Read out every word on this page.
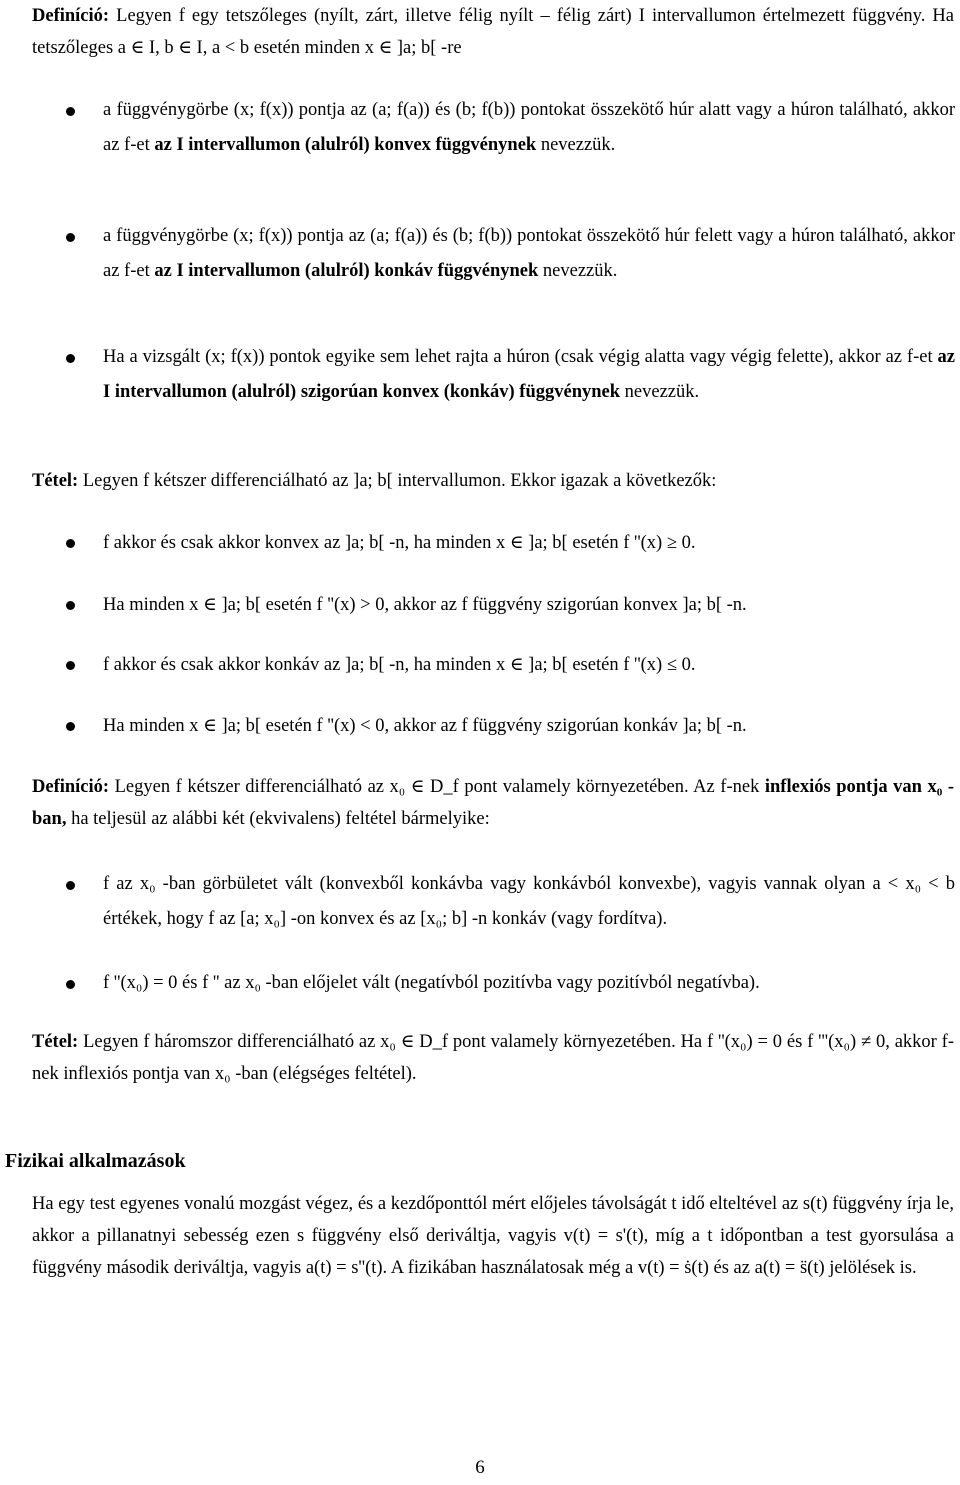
Definíció: Legyen f egy tetszőleges (nyílt, zárt, illetve félig nyílt – félig zárt) I intervallumon értelmezett függvény. Ha tetszőleges a ∈ I, b ∈ I, a < b esetén minden x ∈ ]a; b[ -re

a függvénygörbe (x; f(x)) pontja az (a; f(a)) és (b; f(b)) pontokat összekötő húr alatt vagy a húron található, akkor az f-et az I intervallumon (alulról) konvex függvénynek nevezzük.

a függvénygörbe (x; f(x)) pontja az (a; f(a)) és (b; f(b)) pontokat összekötő húr felett vagy a húron található, akkor az f-et az I intervallumon (alulról) konkáv függvénynek nevezzük.

Ha a vizsgált (x; f(x)) pontok egyike sem lehet rajta a húron (csak végig alatta vagy végig felette), akkor az f-et az I intervallumon (alulról) szigorúan konvex (konkáv) függvénynek nevezzük.

Tétel: Legyen f kétszer differenciálható az ]a; b[ intervallumon. Ekkor igazak a következők:

f akkor és csak akkor konvex az ]a; b[ -n, ha minden x ∈ ]a; b[ esetén f ''(x) ≥ 0.

Ha minden x ∈ ]a; b[ esetén f ''(x) > 0, akkor az f függvény szigorúan konvex ]a; b[ -n.

f akkor és csak akkor konkáv az ]a; b[ -n, ha minden x ∈ ]a; b[ esetén f ''(x) ≤ 0.

Ha minden x ∈ ]a; b[ esetén f ''(x) < 0, akkor az f függvény szigorúan konkáv ]a; b[ -n.

Definíció: Legyen f kétszer differenciálható az x₀ ∈ D_f pont valamely környezetében. Az f-nek inflexiós pontja van x₀ -ban, ha teljesül az alábbi két (ekvivalens) feltétel bármelyike:

f az x₀ -ban görbületet vált (konvexből konkávba vagy konkávból konvexbe), vagyis vannak olyan a < x₀ < b értékek, hogy f az [a; x₀] -on konvex és az [x₀; b] -n konkáv (vagy fordítva).

f ''(x₀) = 0 és f '' az x₀ -ban előjelet vált (negatívból pozitívba vagy pozitívból negatívba).

Tétel: Legyen f háromszor differenciálható az x₀ ∈ D_f pont valamely környezetében. Ha f ''(x₀) = 0 és f '''(x₀) ≠ 0, akkor f-nek inflexiós pontja van x₀ -ban (elégséges feltétel).

Fizikai alkalmazások

Ha egy test egyenes vonalú mozgást végez, és a kezdőponttól mért előjeles távolságát t idő elteltével az s(t) függvény írja le, akkor a pillanatnyi sebesség ezen s függvény első deriváltja, vagyis v(t) = s'(t), míg a t időpontban a test gyorsulása a függvény második deriváltja, vagyis a(t) = s''(t). A fizikában használatosak még a v(t) = ṡ(t) és az a(t) = s̈(t) jelölések is.

6
